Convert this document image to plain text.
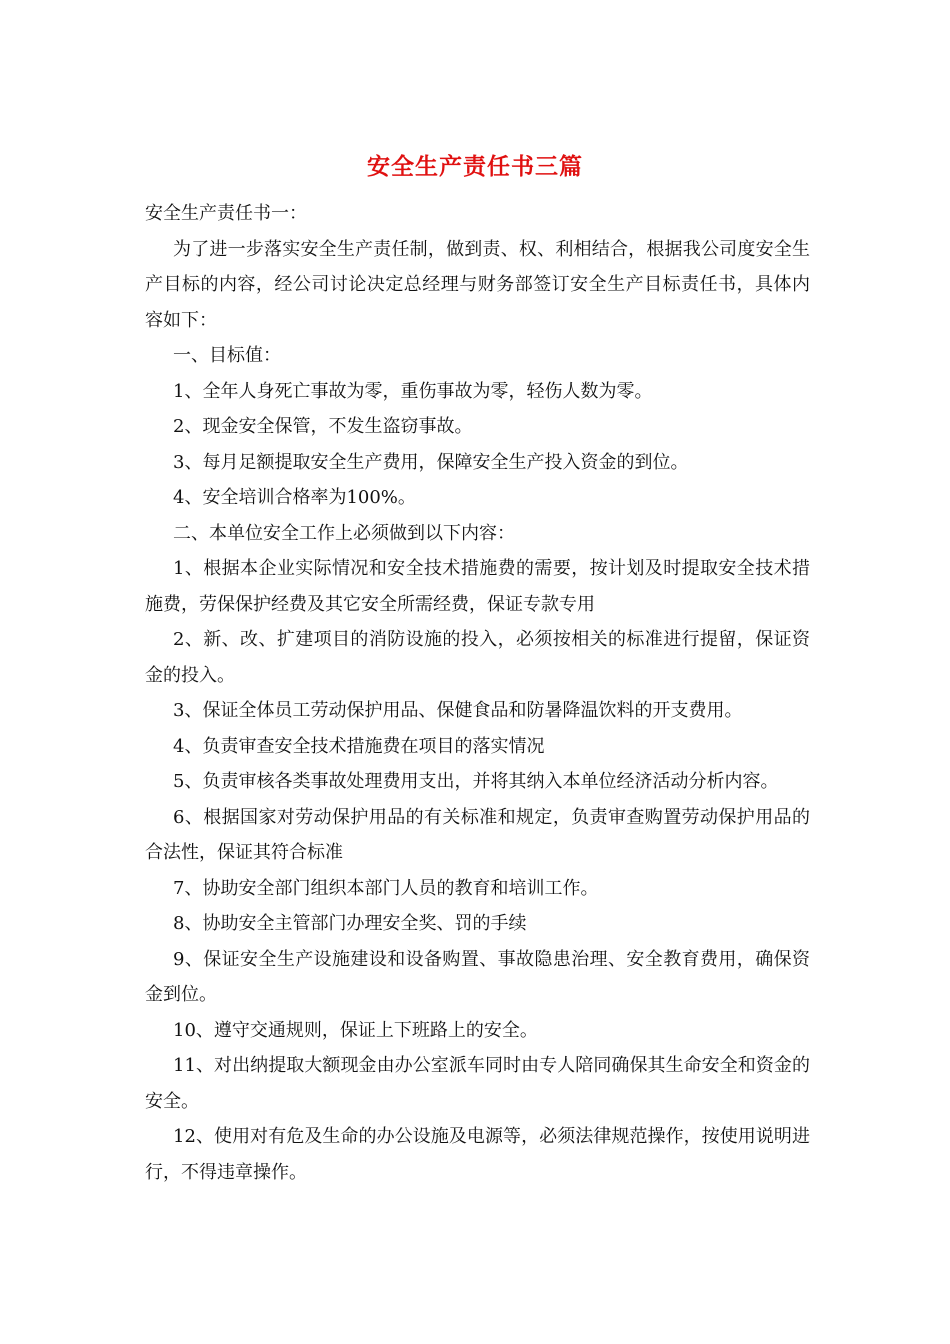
安全生产责任书三篇

安全生产责任书一：

为了进一步落实安全生产责任制，做到责、权、利相结合，根据我公司度安全生产目标的内容，经公司讨论决定总经理与财务部签订安全生产目标责任书，具体内容如下：

一、目标值：

1、全年人身死亡事故为零，重伤事故为零，轻伤人数为零。

2、现金安全保管，不发生盗窃事故。

3、每月足额提取安全生产费用，保障安全生产投入资金的到位。

4、安全培训合格率为100%。

二、本单位安全工作上必须做到以下内容：

1、根据本企业实际情况和安全技术措施费的需要，按计划及时提取安全技术措施费，劳保保护经费及其它安全所需经费，保证专款专用

2、新、改、扩建项目的消防设施的投入，必须按相关的标准进行提留，保证资金的投入。

3、保证全体员工劳动保护用品、保健食品和防暑降温饮料的开支费用。

4、负责审查安全技术措施费在项目的落实情况

5、负责审核各类事故处理费用支出，并将其纳入本单位经济活动分析内容。

6、根据国家对劳动保护用品的有关标准和规定，负责审查购置劳动保护用品的合法性，保证其符合标准

7、协助安全部门组织本部门人员的教育和培训工作。

8、协助安全主管部门办理安全奖、罚的手续

9、保证安全生产设施建设和设备购置、事故隐患治理、安全教育费用，确保资金到位。

10、遵守交通规则，保证上下班路上的安全。

11、对出纳提取大额现金由办公室派车同时由专人陪同确保其生命安全和资金的安全。

12、使用对有危及生命的办公设施及电源等，必须法律规范操作，按使用说明进行，不得违章操作。
